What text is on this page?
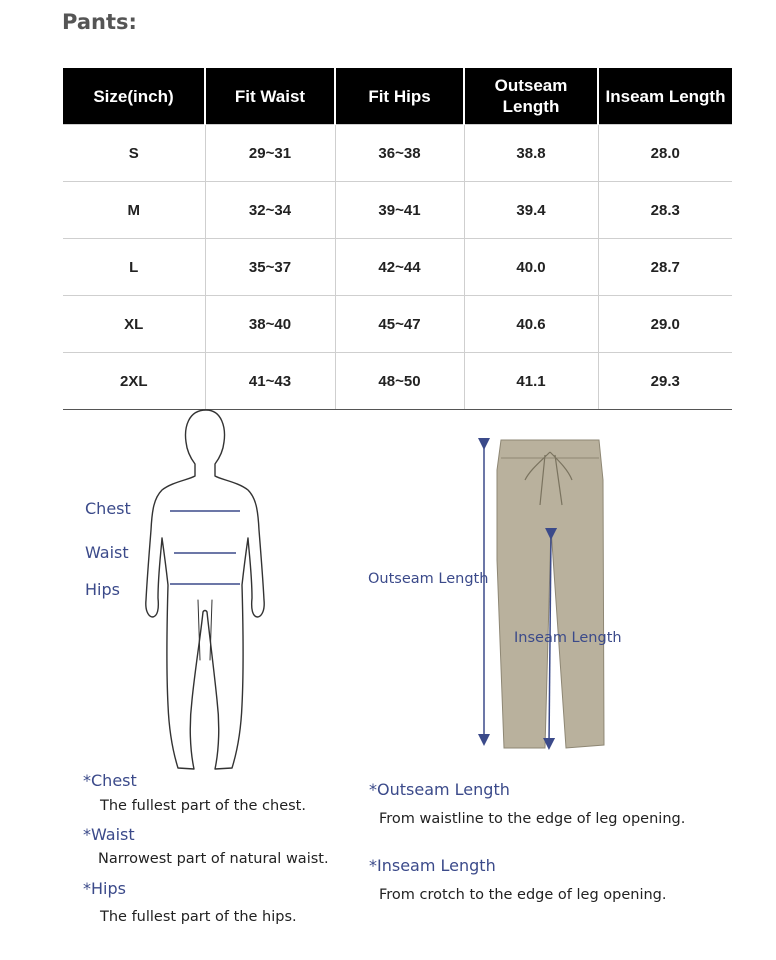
Pants:
Size(inch)	Fit Waist	Fit Hips	Outseam Length	Inseam Length
S	29~31	36~38	38.8	28.0
M	32~34	39~41	39.4	28.3
L	35~37	42~44	40.0	28.7
XL	38~40	45~47	40.6	29.0
2XL	41~43	48~50	41.1	29.3
Chest
Waist
Hips
Outseam Length
Inseam Length
*Chest
The fullest part of the chest.
*Waist
Narrowest part of natural waist.
*Hips
The fullest part of the hips.
*Outseam Length
From waistline to the edge of leg opening.
*Inseam Length
From crotch to the edge of leg opening.
